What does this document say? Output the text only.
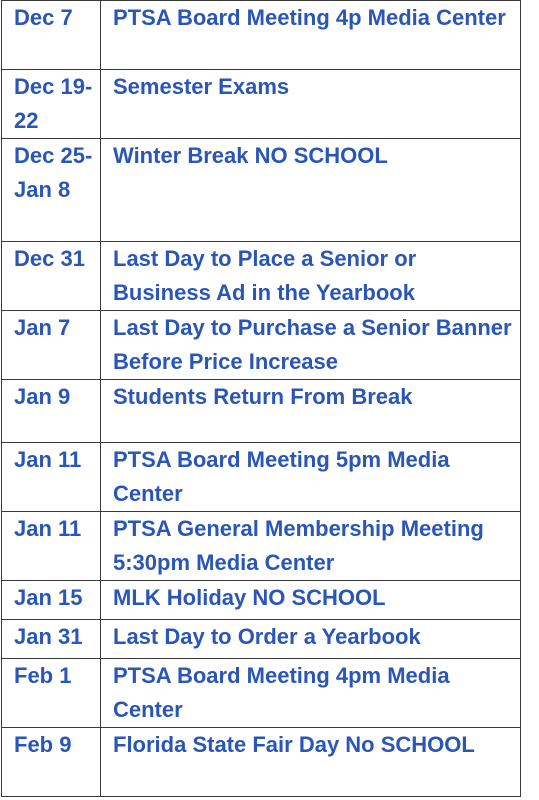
Dec 7	PTSA Board Meeting 4p Media Center
Dec 19-22	Semester Exams
Dec 25- Jan 8	Winter Break NO SCHOOL
Dec 31	Last Day to Place a Senior or Business Ad in the Yearbook
Jan 7	Last Day to Purchase a Senior Banner Before Price Increase
Jan 9	Students Return From Break
Jan 11	PTSA Board Meeting 5pm Media Center
Jan 11	PTSA General Membership Meeting 5:30pm Media Center
Jan 15	MLK Holiday NO SCHOOL
Jan 31	Last Day to Order a Yearbook
Feb 1	PTSA Board Meeting 4pm Media Center
Feb 9	Florida State Fair Day No SCHOOL
